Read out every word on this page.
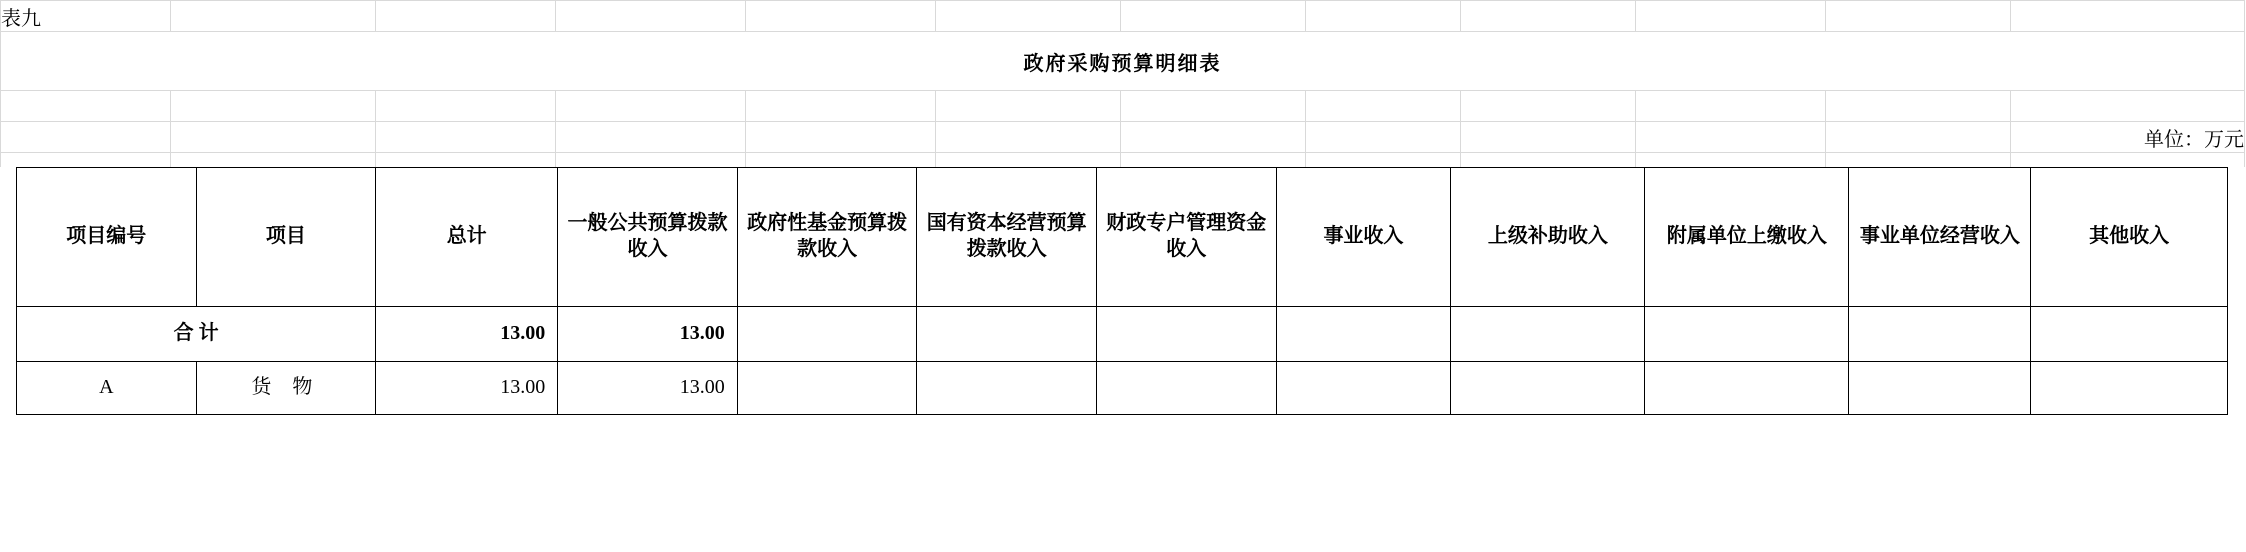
表九											
政府采购预算明细表											

											单位：万元

项目编号	项目	总计	一般公共预算拨款收入	政府性基金预算拨款收入	国有资本经营预算拨款收入	财政专户管理资金收入	事业收入	上级补助收入	附属单位上缴收入	事业单位经营收入	其他收入
合 计		13.00	13.00								
A	货 物	13.00	13.00								
